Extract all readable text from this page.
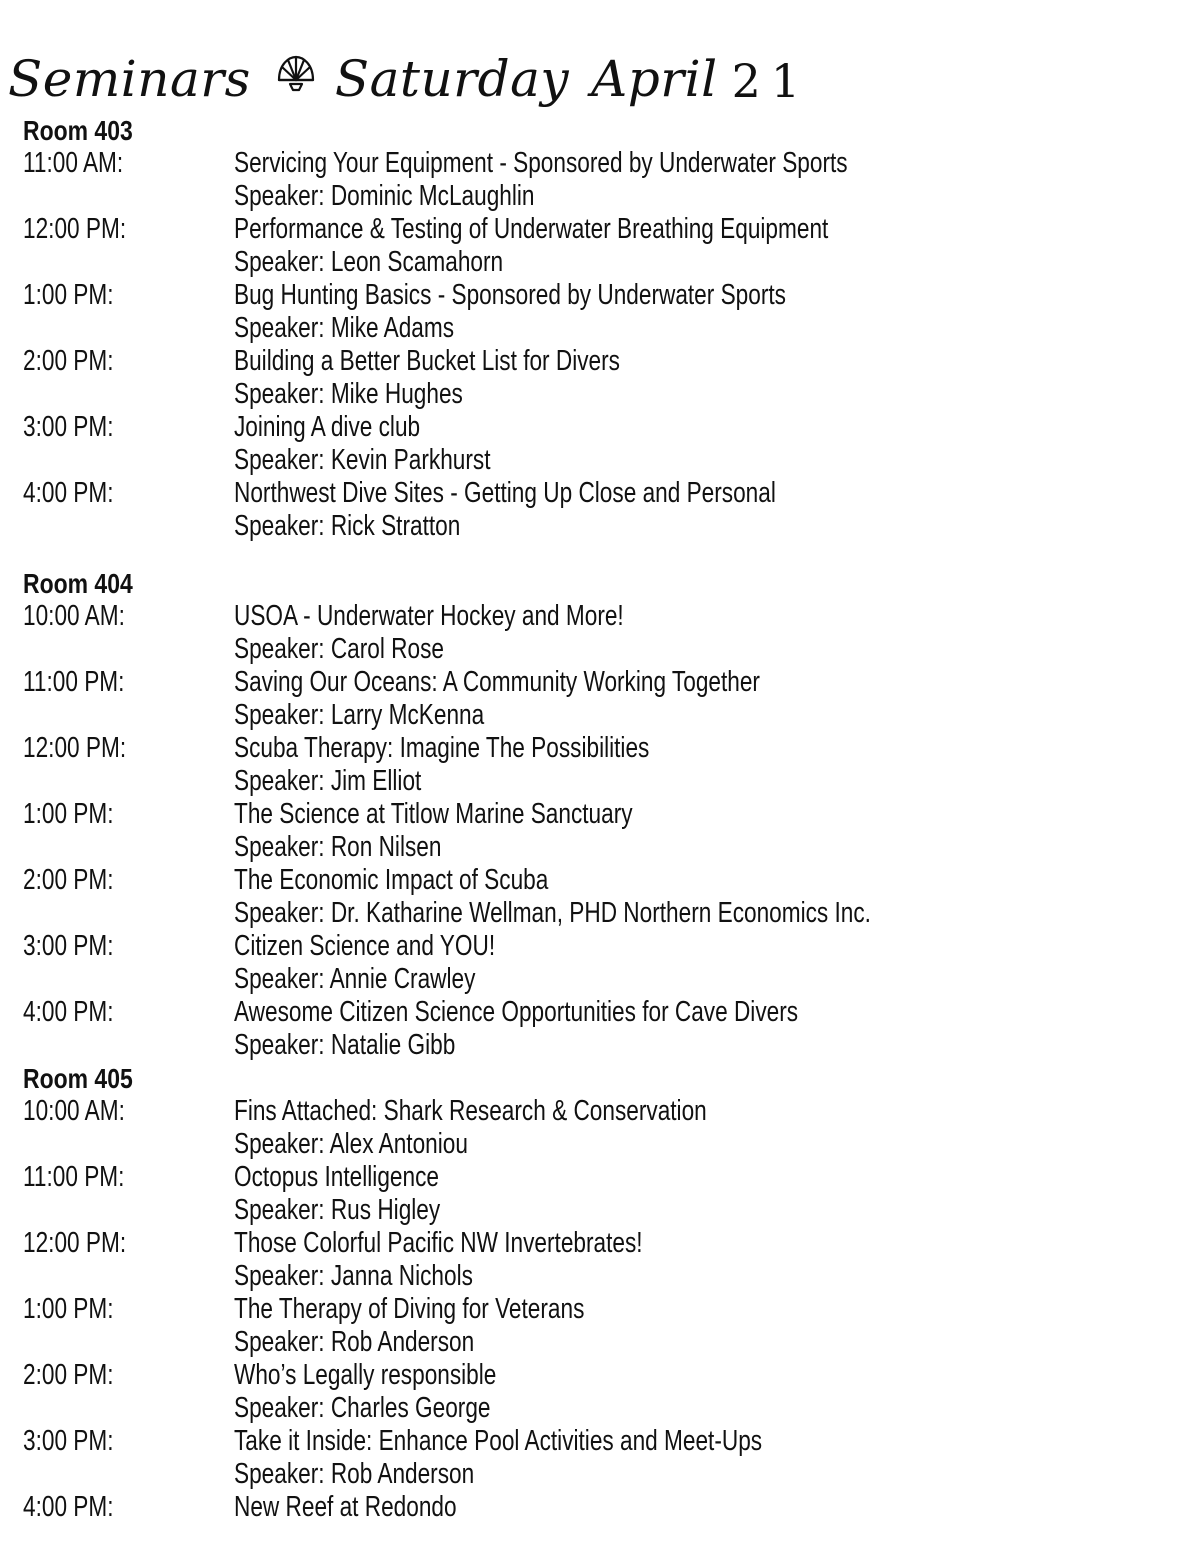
Seminars Saturday April 21
Room 403
11:00 AM:	Servicing Your Equipment - Sponsored by Underwater Sports
Speaker: Dominic McLaughlin
12:00 PM:	Performance & Testing of Underwater Breathing Equipment
Speaker: Leon Scamahorn
1:00 PM:	Bug Hunting Basics - Sponsored by Underwater Sports
Speaker: Mike Adams
2:00 PM:	Building a Better Bucket List for Divers
Speaker: Mike Hughes
3:00 PM:	Joining A dive club
Speaker: Kevin Parkhurst
4:00 PM:	Northwest Dive Sites - Getting Up Close and Personal
Speaker: Rick Stratton
Room 404
10:00 AM:	USOA - Underwater Hockey and More!
Speaker: Carol Rose
11:00 PM:	Saving Our Oceans: A Community Working Together
Speaker: Larry McKenna
12:00 PM:	Scuba Therapy: Imagine The Possibilities
Speaker: Jim Elliot
1:00 PM:	The Science at Titlow Marine Sanctuary
Speaker: Ron Nilsen
2:00 PM:	The Economic Impact of Scuba
Speaker: Dr. Katharine Wellman, PHD Northern Economics Inc.
3:00 PM:	Citizen Science and YOU!
Speaker: Annie Crawley
4:00 PM:	Awesome Citizen Science Opportunities for Cave Divers
Speaker: Natalie Gibb
Room 405
10:00 AM:	Fins Attached: Shark Research & Conservation
Speaker: Alex Antoniou
11:00 PM:	Octopus Intelligence
Speaker: Rus Higley
12:00 PM:	Those Colorful Pacific NW Invertebrates!
Speaker: Janna Nichols
1:00 PM:	The Therapy of Diving for Veterans
Speaker: Rob Anderson
2:00 PM:	Who’s Legally responsible
Speaker: Charles George
3:00 PM:	Take it Inside: Enhance Pool Activities and Meet-Ups
Speaker: Rob Anderson
4:00 PM:	New Reef at Redondo
